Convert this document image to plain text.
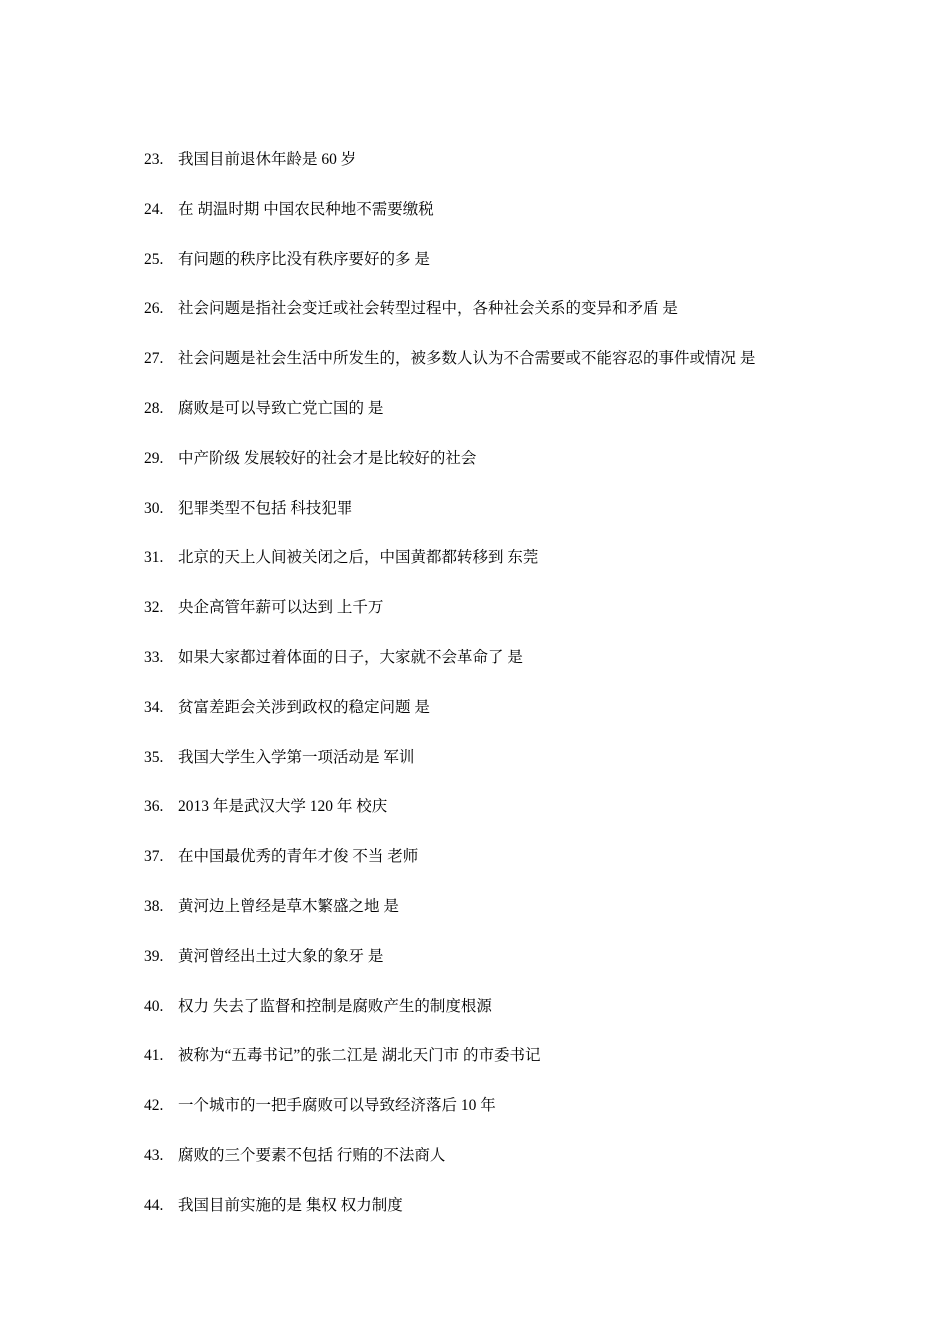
23. 我国目前退休年龄是 60 岁
24. 在 胡温时期 中国农民种地不需要缴税
25. 有问题的秩序比没有秩序要好的多 是
26. 社会问题是指社会变迁或社会转型过程中，各种社会关系的变异和矛盾 是
27. 社会问题是社会生活中所发生的，被多数人认为不合需要或不能容忍的事件或情况 是
28. 腐败是可以导致亡党亡国的 是
29. 中产阶级 发展较好的社会才是比较好的社会
30. 犯罪类型不包括 科技犯罪
31. 北京的天上人间被关闭之后，中国黄都都转移到 东莞
32. 央企高管年薪可以达到 上千万
33. 如果大家都过着体面的日子，大家就不会革命了 是
34. 贫富差距会关涉到政权的稳定问题 是
35. 我国大学生入学第一项活动是 军训
36. 2013 年是武汉大学 120 年 校庆
37. 在中国最优秀的青年才俊 不当 老师
38. 黄河边上曾经是草木繁盛之地 是
39. 黄河曾经出土过大象的象牙 是
40. 权力 失去了监督和控制是腐败产生的制度根源
41. 被称为“五毒书记”的张二江是 湖北天门市 的市委书记
42. 一个城市的一把手腐败可以导致经济落后 10 年
43. 腐败的三个要素不包括 行贿的不法商人
44. 我国目前实施的是 集权 权力制度
